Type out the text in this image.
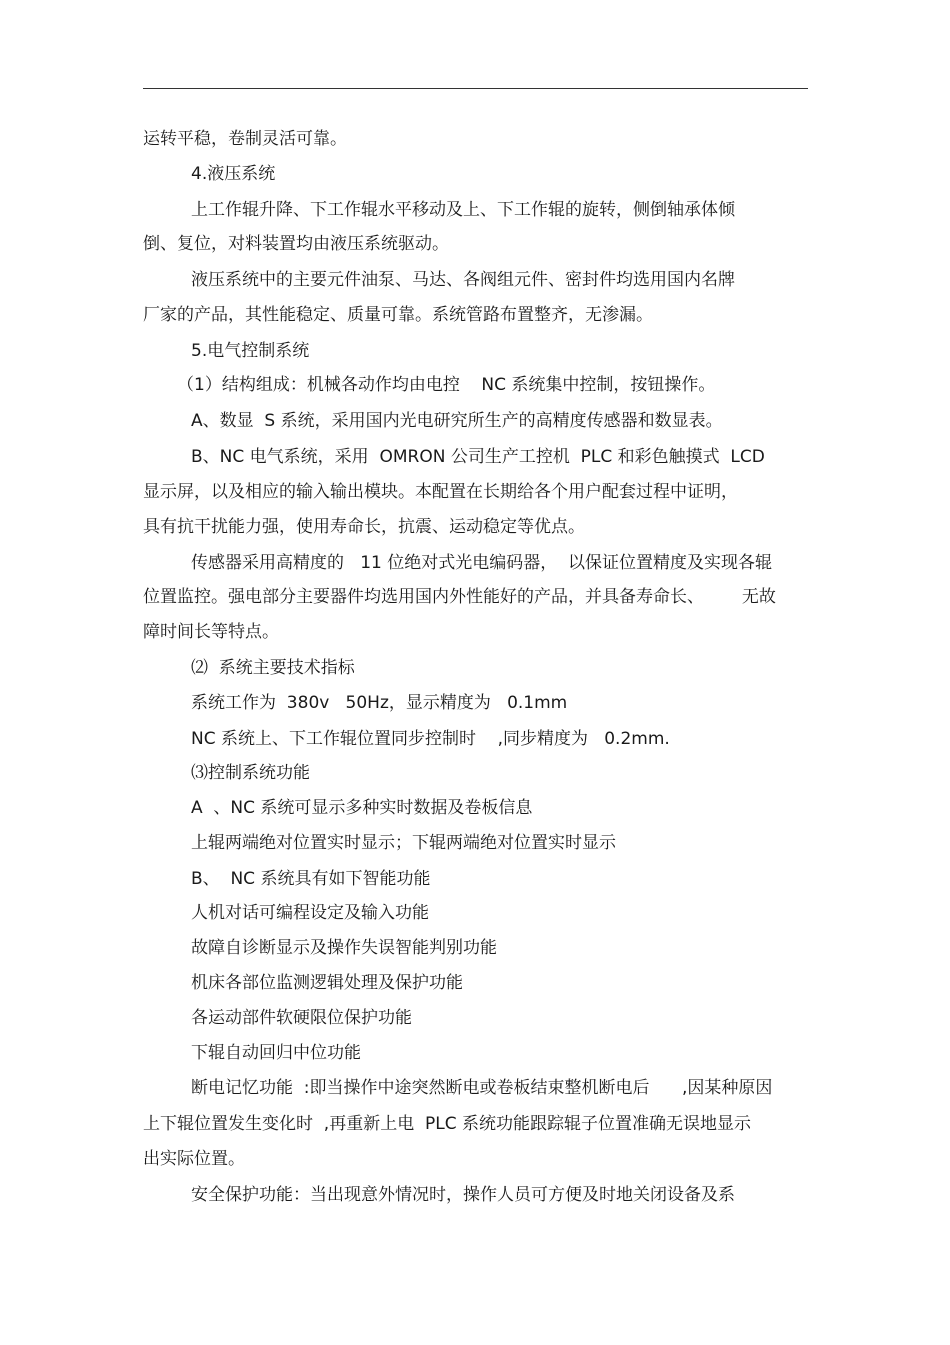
运转平稳，卷制灵活可靠。
4.液压系统
上工作辊升降、下工作辊水平移动及上、下工作辊的旋转，侧倒轴承体倾
倒、复位，对料装置均由液压系统驱动。
液压系统中的主要元件油泵、马达、各阀组元件、密封件均选用国内名牌
厂家的产品，其性能稳定、质量可靠。系统管路布置整齐，无渗漏。
5.电气控制系统
（1）结构组成：机械各动作均由电控    NC 系统集中控制，按钮操作。
A、数显  S 系统，采用国内光电研究所生产的高精度传感器和数显表。
B、NC 电气系统，采用  OMRON 公司生产工控机  PLC 和彩色触摸式  LCD
显示屏，以及相应的输入输出模块。本配置在长期给各个用户配套过程中证明，
具有抗干扰能力强，使用寿命长，抗震、运动稳定等优点。
传感器采用高精度的   11 位绝对式光电编码器，  以保证位置精度及实现各辊
位置监控。强电部分主要器件均选用国内外性能好的产品，并具备寿命长、       无故
障时间长等特点。
⑵  系统主要技术指标
系统工作为  380v   50Hz，显示精度为   0.1mm
NC 系统上、下工作辊位置同步控制时    ,同步精度为   0.2mm.
⑶控制系统功能
A  、NC 系统可显示多种实时数据及卷板信息
上辊两端绝对位置实时显示；下辊两端绝对位置实时显示
B、  NC 系统具有如下智能功能
人机对话可编程设定及输入功能
故障自诊断显示及操作失误智能判别功能
机床各部位监测逻辑处理及保护功能
各运动部件软硬限位保护功能
下辊自动回归中位功能
断电记忆功能  :即当操作中途突然断电或卷板结束整机断电后      ,因某种原因
上下辊位置发生变化时  ,再重新上电  PLC 系统功能跟踪辊子位置准确无误地显示
出实际位置。
安全保护功能：当出现意外情况时，操作人员可方便及时地关闭设备及系
